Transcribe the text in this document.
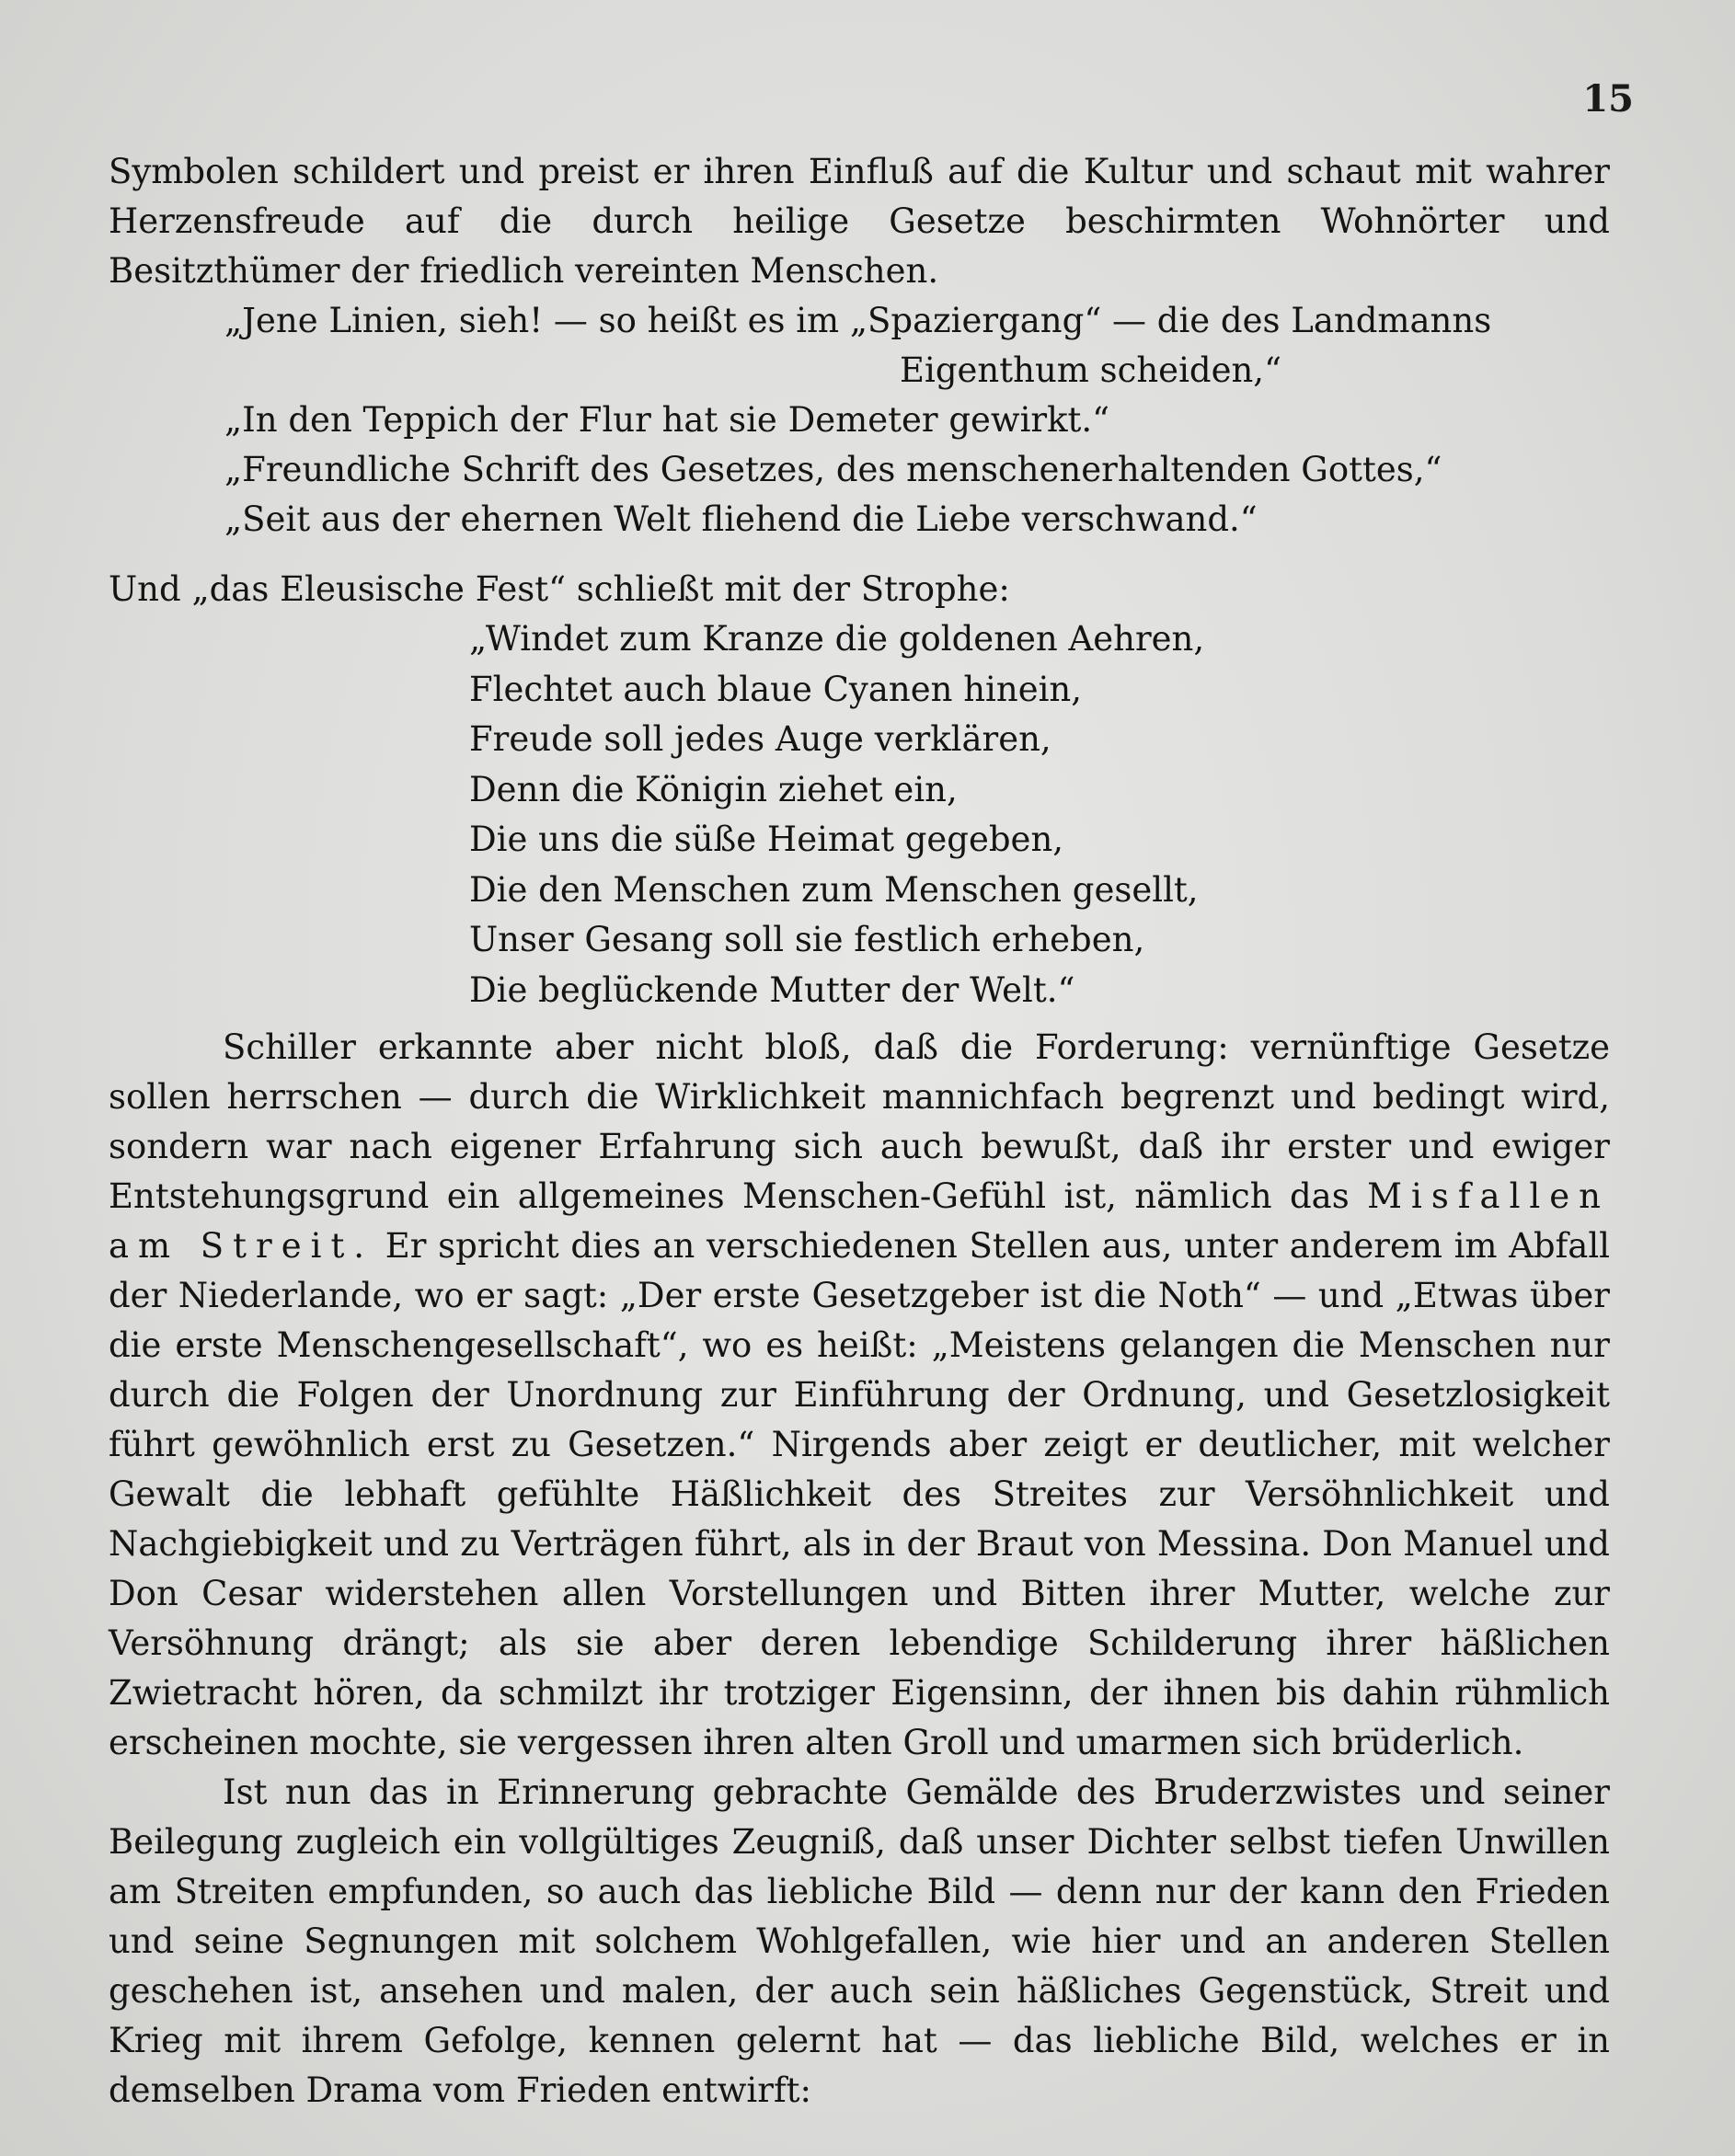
15

Symbolen schildert und preist er ihren Einfluß auf die Kultur und schaut mit wahrer Herzensfreude auf die durch heilige Gesetze beschirmten Wohnörter und Besitzthümer der friedlich vereinten Menschen.

„Jene Linien, sieh! — so heißt es im „Spaziergang“ — die des Landmanns
Eigenthum scheiden,“
„In den Teppich der Flur hat sie Demeter gewirkt.“
„Freundliche Schrift des Gesetzes, des menschenerhaltenden Gottes,“
„Seit aus der ehernen Welt fliehend die Liebe verschwand.“
Und „das Eleusische Fest“ schließt mit der Strophe:
„Windet zum Kranze die goldenen Aehren,
Flechtet auch blaue Cyanen hinein,
Freude soll jedes Auge verklären,
Denn die Königin ziehet ein,
Die uns die süße Heimat gegeben,
Die den Menschen zum Menschen gesellt,
Unser Gesang soll sie festlich erheben,
Die beglückende Mutter der Welt.“

Schiller erkannte aber nicht bloß, daß die Forderung: vernünftige Gesetze sollen herrschen — durch die Wirklichkeit mannichfach begrenzt und bedingt wird, sondern war nach eigener Erfahrung sich auch bewußt, daß ihr erster und ewiger Entstehungsgrund ein allgemeines Menschen-Gefühl ist, nämlich das Misfallen am Streit. Er spricht dies an verschiedenen Stellen aus, unter anderem im Abfall der Niederlande, wo er sagt: „Der erste Gesetzgeber ist die Noth“ — und „Etwas über die erste Menschengesellschaft“, wo es heißt: „Meistens gelangen die Menschen nur durch die Folgen der Unordnung zur Einführung der Ordnung, und Gesetzlosigkeit führt gewöhnlich erst zu Gesetzen.“ Nirgends aber zeigt er deutlicher, mit welcher Gewalt die lebhaft gefühlte Häßlichkeit des Streites zur Versöhnlichkeit und Nachgiebigkeit und zu Verträgen führt, als in der Braut von Messina. Don Manuel und Don Cesar widerstehen allen Vorstellungen und Bitten ihrer Mutter, welche zur Versöhnung drängt; als sie aber deren lebendige Schilderung ihrer häßlichen Zwietracht hören, da schmilzt ihr trotziger Eigensinn, der ihnen bis dahin rühmlich erscheinen mochte, sie vergessen ihren alten Groll und umarmen sich brüderlich.

Ist nun das in Erinnerung gebrachte Gemälde des Bruderzwistes und seiner Beilegung zugleich ein vollgültiges Zeugniß, daß unser Dichter selbst tiefen Unwillen am Streiten empfunden, so auch das liebliche Bild — denn nur der kann den Frieden und seine Segnungen mit solchem Wohlgefallen, wie hier und an anderen Stellen geschehen ist, ansehen und malen, der auch sein häßliches Gegenstück, Streit und Krieg mit ihrem Gefolge, kennen gelernt hat — das liebliche Bild, welches er in demselben Drama vom Frieden entwirft:
